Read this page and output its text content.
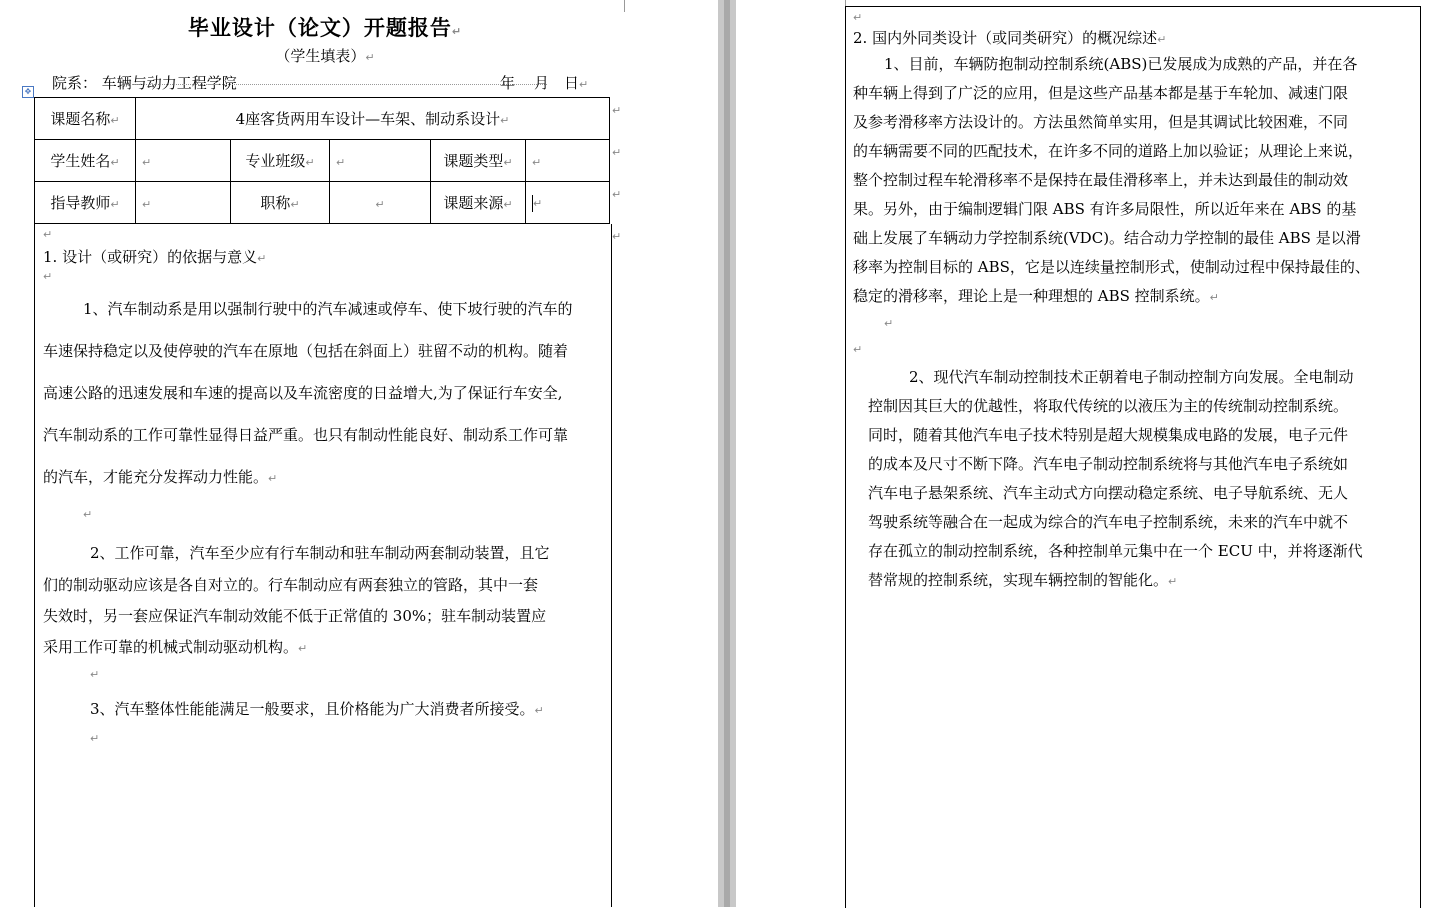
毕业设计（论文）开题报告↵
（学生填表）↵
院系： 车辆与动力工程学院	年 月 日↵
✥
课题名称↵	4座客货两用车设计—车架、制动系设计↵				
学生姓名↵	↵	专业班级↵	↵	课题类型↵	↵
指导教师↵	↵	职称↵	↵	课题来源↵	↵
↵
↵
↵
↵
↵
1. 设计（或研究）的依据与意义↵
↵
1、汽车制动系是用以强制行驶中的汽车减速或停车、使下坡行驶的汽车的
车速保持稳定以及使停驶的汽车在原地（包括在斜面上）驻留不动的机构。随着
高速公路的迅速发展和车速的提高以及车流密度的日益增大,为了保证行车安全,
汽车制动系的工作可靠性显得日益严重。也只有制动性能良好、制动系工作可靠
的汽车，才能充分发挥动力性能。↵
↵
2、工作可靠，汽车至少应有行车制动和驻车制动两套制动装置，且它
们的制动驱动应该是各自对立的。行车制动应有两套独立的管路，其中一套
失效时，另一套应保证汽车制动效能不低于正常值的 30%；驻车制动装置应
采用工作可靠的机械式制动驱动机构。↵
↵
3、汽车整体性能能满足一般要求，且价格能为广大消费者所接受。↵
↵
↵
2. 国内外同类设计（或同类研究）的概况综述↵
1、目前，车辆防抱制动控制系统(ABS)已发展成为成熟的产品，并在各
种车辆上得到了广泛的应用，但是这些产品基本都是基于车轮加、减速门限
及参考滑移率方法设计的。方法虽然简单实用，但是其调试比较困难，不同
的车辆需要不同的匹配技术，在许多不同的道路上加以验证；从理论上来说，
整个控制过程车轮滑移率不是保持在最佳滑移率上，并未达到最佳的制动效
果。另外，由于编制逻辑门限 ABS 有许多局限性，所以近年来在 ABS 的基
础上发展了车辆动力学控制系统(VDC)。结合动力学控制的最佳 ABS 是以滑
移率为控制目标的 ABS，它是以连续量控制形式，使制动过程中保持最佳的、
稳定的滑移率，理论上是一种理想的 ABS 控制系统。↵
↵
↵
2、现代汽车制动控制技术正朝着电子制动控制方向发展。全电制动
控制因其巨大的优越性，将取代传统的以液压为主的传统制动控制系统。
同时，随着其他汽车电子技术特别是超大规模集成电路的发展，电子元件
的成本及尺寸不断下降。汽车电子制动控制系统将与其他汽车电子系统如
汽车电子悬架系统、汽车主动式方向摆动稳定系统、电子导航系统、无人
驾驶系统等融合在一起成为综合的汽车电子控制系统，未来的汽车中就不
存在孤立的制动控制系统，各种控制单元集中在一个 ECU 中，并将逐渐代
替常规的控制系统，实现车辆控制的智能化。↵
